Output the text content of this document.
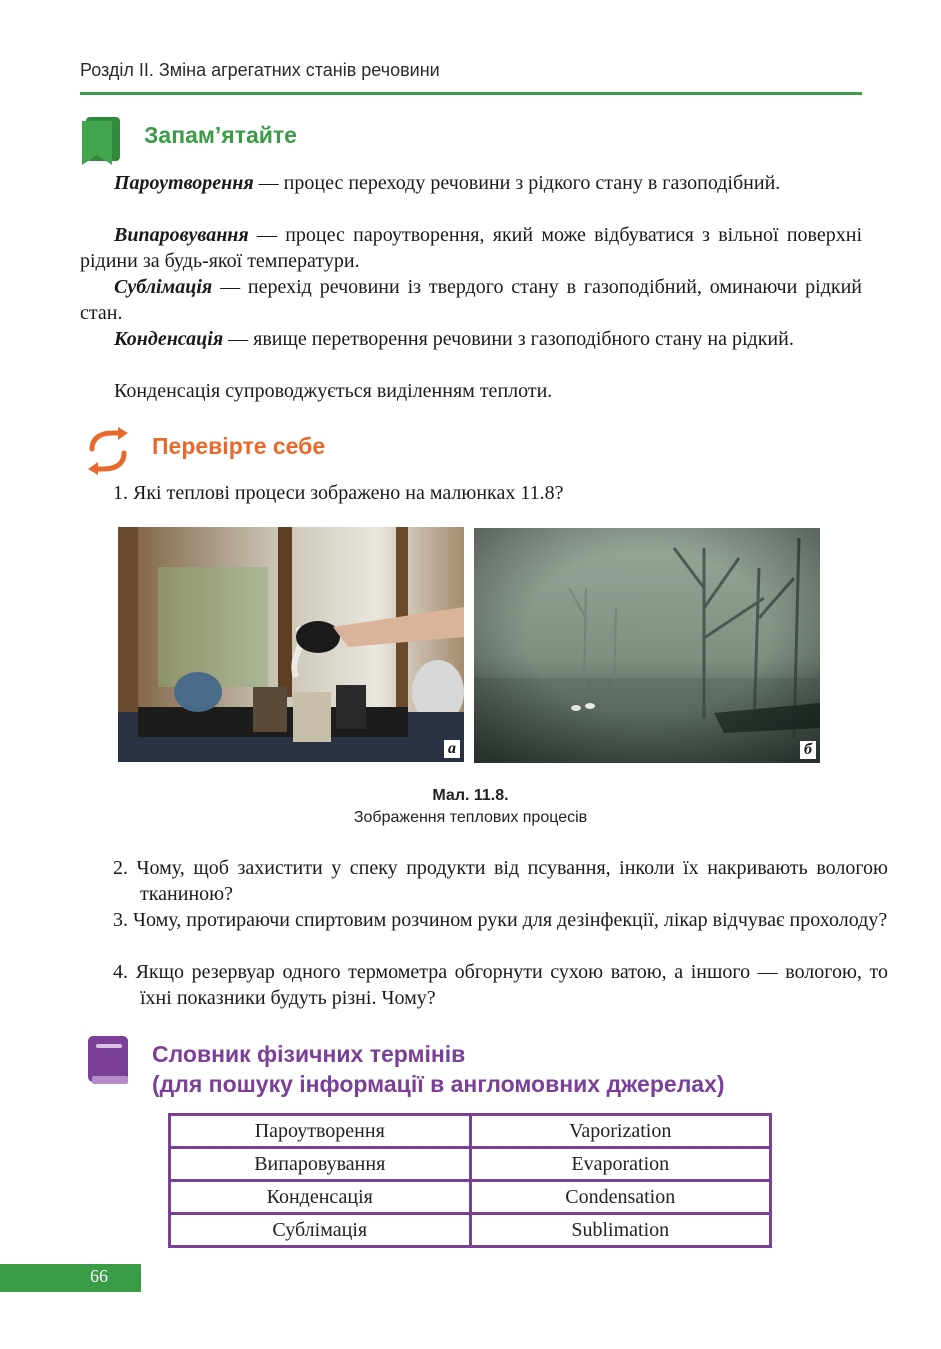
Розділ ІІ. Зміна агрегатних станів речовини
Запам’ятайте

Пароутворення — процес переходу речовини з рідкого стану в газоподібний.

Випаровування — процес пароутворення, який може відбуватися з вільної поверхні рідини за будь-якої температури.

Сублімація — перехід речовини із твердого стану в газоподібний, оминаючи рідкий стан.

Конденсація — явище перетворення речовини з газоподібного стану на рідкий.

Конденсація супроводжується виділенням теплоти.

Перевірте себе

1. Які теплові процеси зображено на малюнках 11.8?

а	б
Мал. 11.8.
Зображення теплових процесів

2. Чому, щоб захистити у спеку продукти від псування, інколи їх накривають вологою тканиною?

3. Чому, протираючи спиртовим розчином руки для дезінфекції, лікар відчуває прохолоду?

4. Якщо резервуар одного термометра обгорнути сухою ватою, а іншого — вологою, то їхні показники будуть різні. Чому?

Словник фізичних термінів
(для пошуку інформації в англомовних джерелах)
Пароутворення	Vaporization
Випаровування	Evaporation
Конденсація	Condensation
Сублімація	Sublimation
66
